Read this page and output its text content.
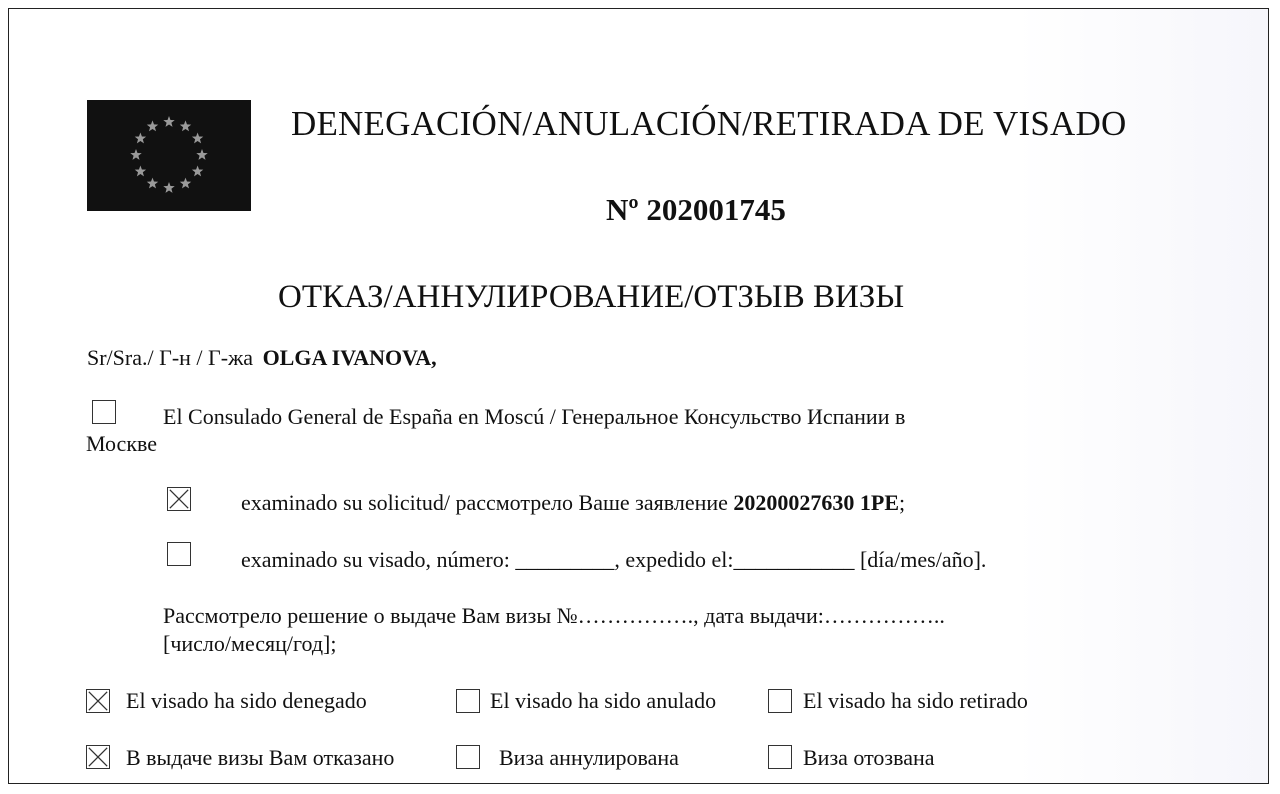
DENEGACIÓN/ANULACIÓN/RETIRADA DE VISADO
Nº 202001745
ОТКАЗ/АННУЛИРОВАНИЕ/ОТЗЫВ ВИЗЫ
Sr/Sra./ Г-н / Г-жа OLGA IVANOVA,
El Consulado General de España en Moscú / Генеральное Консульство Испании в
Москве
examinado su solicitud/ рассмотрело Ваше заявление 20200027630 1PE;
examinado su visado, número: _________, expedido el:___________ [día/mes/año].
Рассмотрело решение о выдаче Вам визы №……………., дата выдачи:……………..
[число/месяц/год];
El visado ha sido denegado	El visado ha sido anulado	El visado ha sido retirado
В выдаче визы Вам отказано	Виза аннулирована	Виза отозвана
